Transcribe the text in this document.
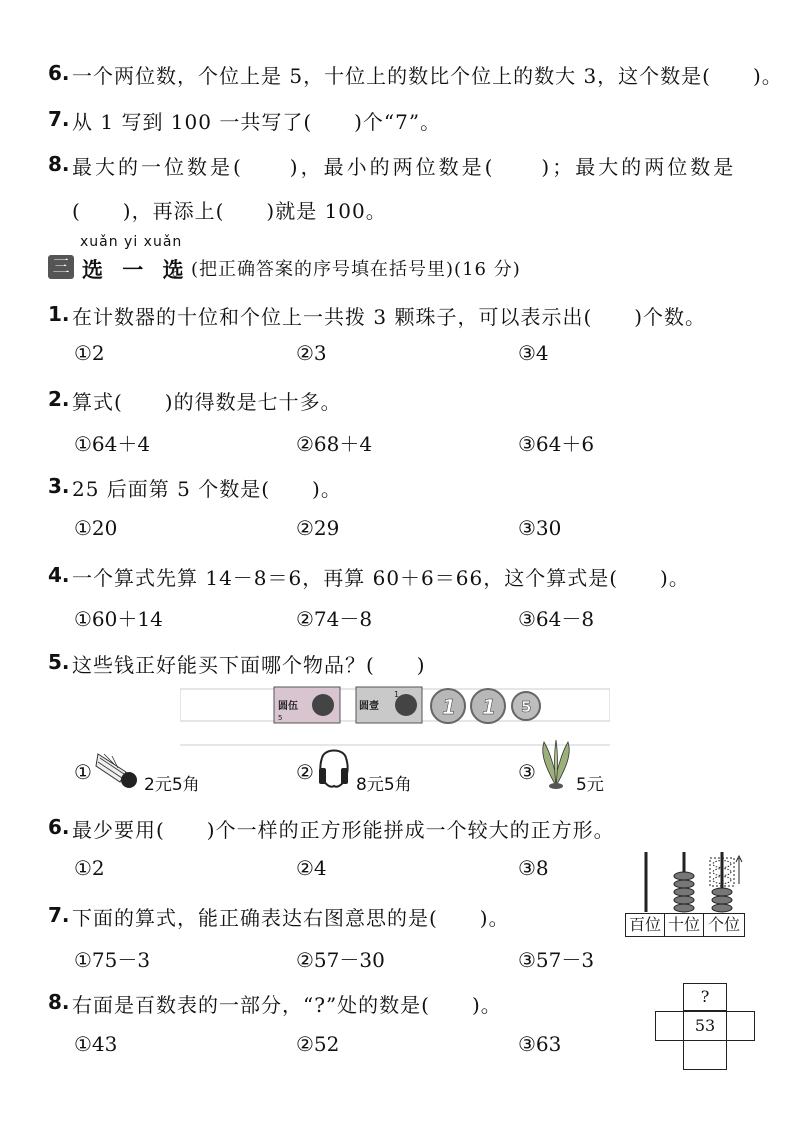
6. 一个两位数，个位上是 5，十位上的数比个位上的数大 3，这个数是(　　)。
7. 从 1 写到 100 一共写了(　　)个“7”。
8. 最大的一位数是(　　)，最小的两位数是(　　)；最大的两位数是
(　　)，再添上(　　)就是 100。
xuǎn yi xuǎn
三 选 一 选
。(把正确答案的序号填在括号里)(16 分)
1. 在计数器的十位和个位上一共拨 3 颗珠子，可以表示出(　　)个数。
①2	②3	③4
2. 算式(　　)的得数是七十多。
①64＋4	②68＋4	③64＋6
3. 25 后面第 5 个数是(　　)。
①20	②29	③30
4. 一个算式先算 14－8＝6，再算 60＋6＝66，这个算式是(　　)。
①60＋14	②74－8	③64－8
5. 这些钱正好能买下面哪个物品？(　　)
圆伍
5
圆壹
1
1 1 5
①
2元5角
②
8元5角
③
5元
6. 最少要用(　　)个一样的正方形能拼成一个较大的正方形。
①2	②4	③8
百位 十位 个位
7. 下面的算式，能正确表达右图意思的是(　　)。
①75－3	②57－30	③57－3
8. 右面是百数表的一部分，“?”处的数是(　　)。
①43	②52	③63
?
53
